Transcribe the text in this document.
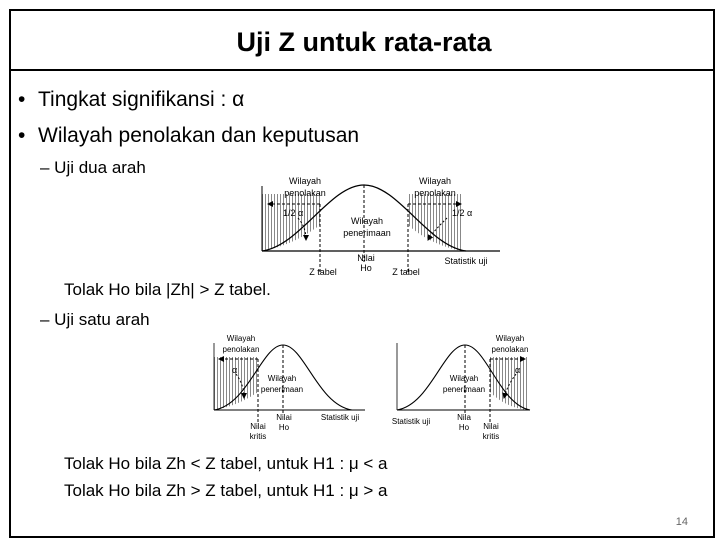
Uji Z untuk rata-rata
• Tingkat signifikansi : α
• Wilayah penolakan dan keputusan
– Uji dua arah
Wilayah penolakan
Wilayah penolakan
1/2 α	1/2 α
Wilayah penerimaan
Nilai Ho
Z tabel	Z tabel
Statistik uji
Tolak Ho bila |Zh| > Z tabel.
– Uji satu arah
Wilayah penolakan
α
Wilayah penerimaan
Nilai kritis
Nilai Ho
Statistik uji
Wilayah penolakan
α
Wilayah penerimaan
Nila Ho Nilai kritis
Statistik uji
Tolak Ho bila Zh < Z tabel, untuk H1 : μ < a
Tolak Ho bila Zh > Z tabel, untuk H1 : μ > a
14
